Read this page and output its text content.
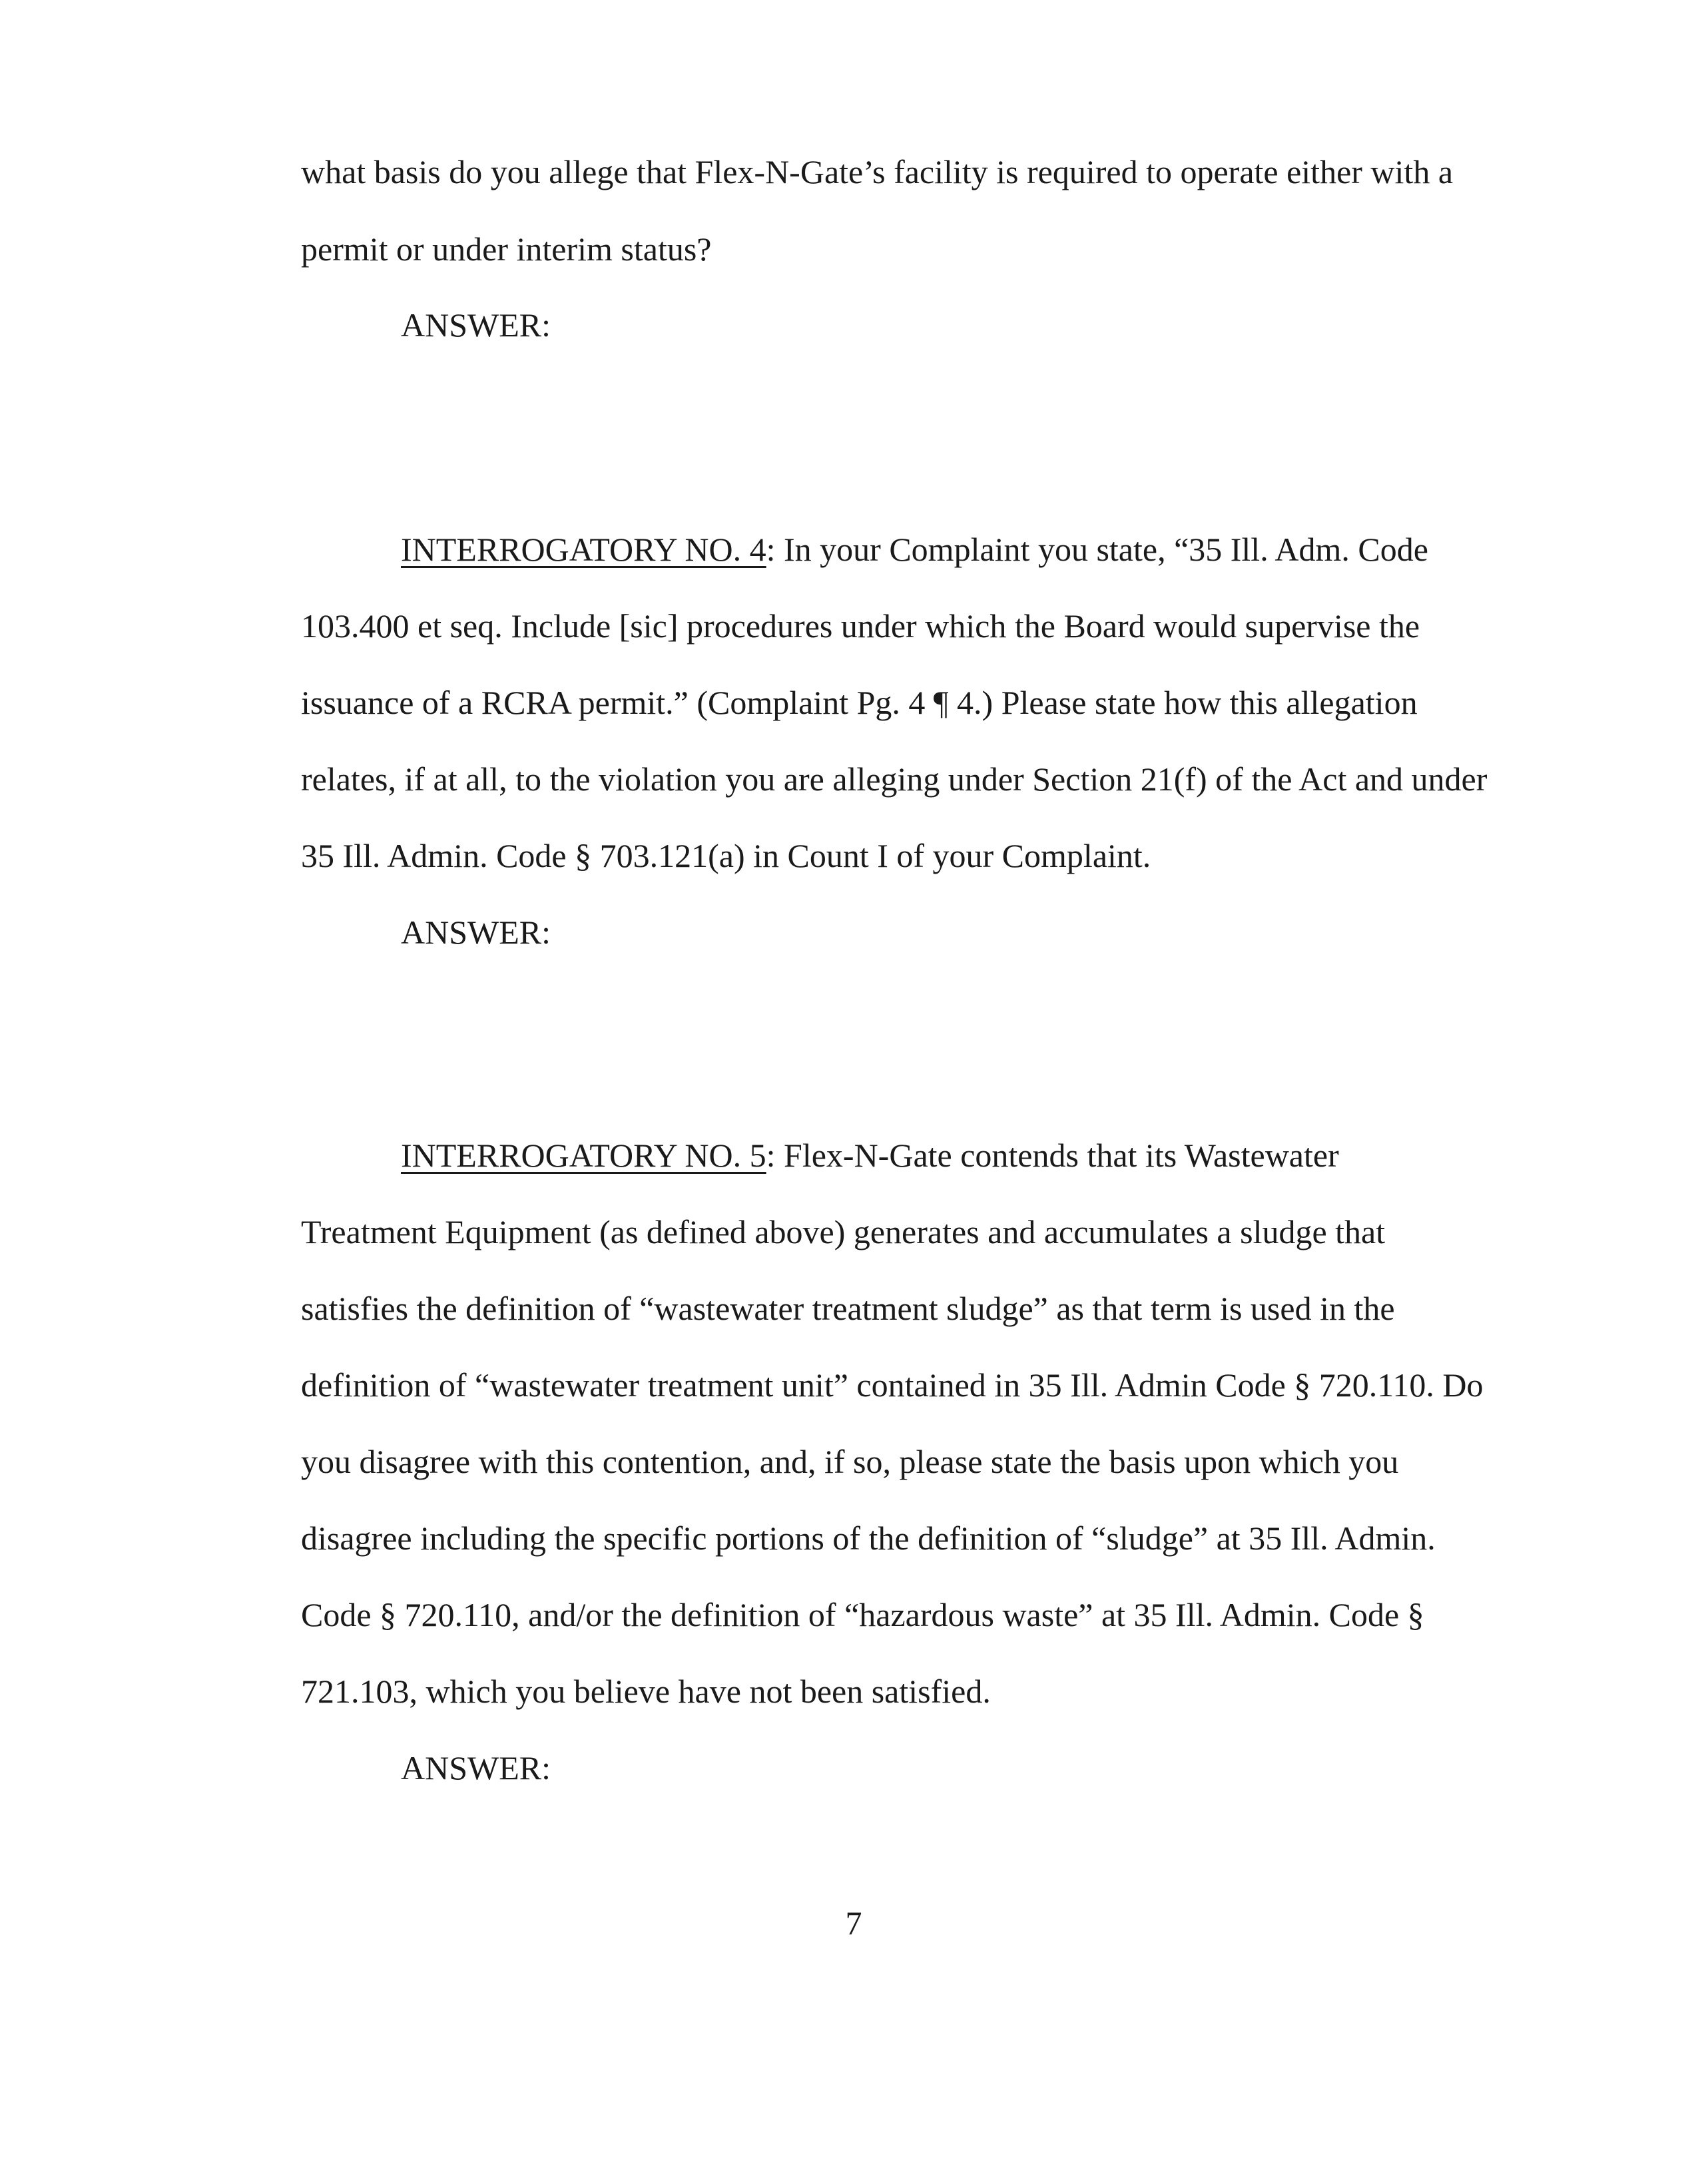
what basis do you allege that Flex-N-Gate’s facility is required to operate either with a
permit or under interim status?
ANSWER:
INTERROGATORY NO. 4: In your Complaint you state, “35 Ill. Adm. Code
103.400 et seq. Include [sic] procedures under which the Board would supervise the
issuance of a RCRA permit.” (Complaint Pg. 4 ¶ 4.) Please state how this allegation
relates, if at all, to the violation you are alleging under Section 21(f) of the Act and under
35 Ill. Admin. Code § 703.121(a) in Count I of your Complaint.
ANSWER:
INTERROGATORY NO. 5: Flex-N-Gate contends that its Wastewater
Treatment Equipment (as defined above) generates and accumulates a sludge that
satisfies the definition of “wastewater treatment sludge” as that term is used in the
definition of “wastewater treatment unit” contained in 35 Ill. Admin Code § 720.110. Do
you disagree with this contention, and, if so, please state the basis upon which you
disagree including the specific portions of the definition of “sludge” at 35 Ill. Admin.
Code § 720.110, and/or the definition of “hazardous waste” at 35 Ill. Admin. Code §
721.103, which you believe have not been satisfied.
ANSWER:
7
